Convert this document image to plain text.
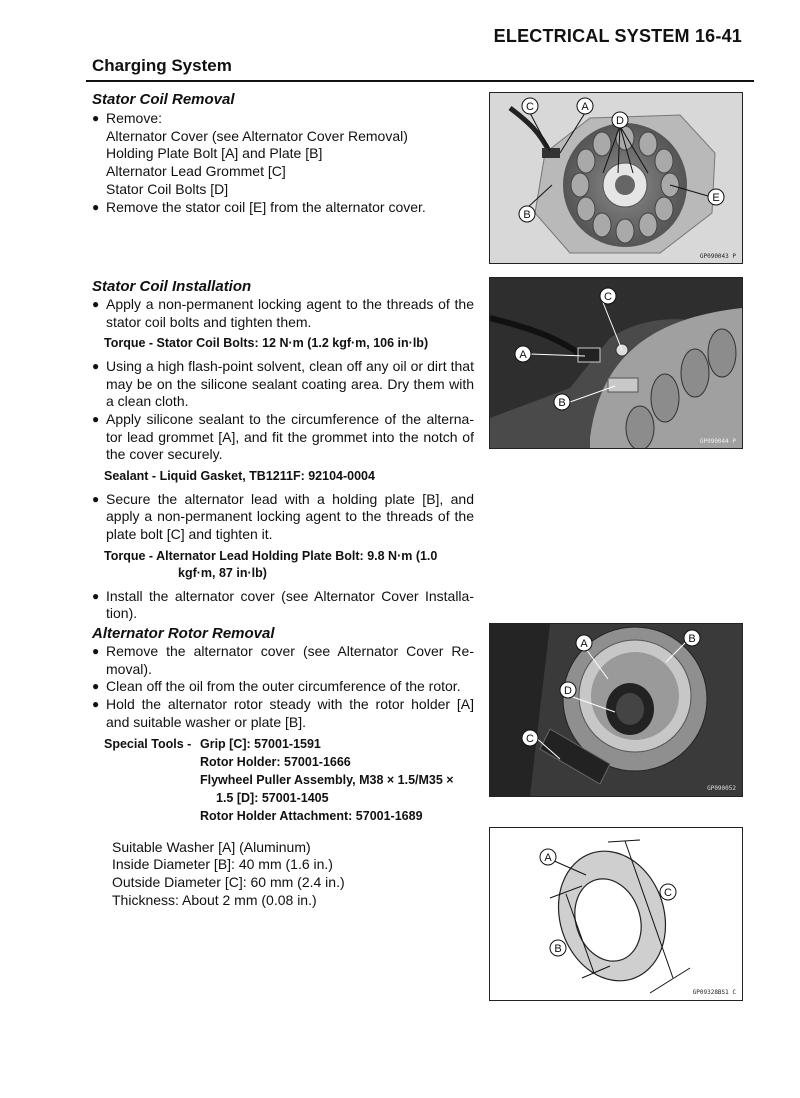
ELECTRICAL SYSTEM 16-41
Charging System
Stator Coil Removal
● Remove:
Alternator Cover (see Alternator Cover Removal)
Holding Plate Bolt [A] and Plate [B]
Alternator Lead Grommet [C]
Stator Coil Bolts [D]
● Remove the stator coil [E] from the alternator cover.
Stator Coil Installation
● Apply a non-permanent locking agent to the threads of the stator coil bolts and tighten them.
Torque - Stator Coil Bolts: 12 N·m (1.2 kgf·m, 106 in·lb)
● Using a high flash-point solvent, clean off any oil or dirt that may be on the silicone sealant coating area. Dry them with a clean cloth.
● Apply silicone sealant to the circumference of the alterna-tor lead grommet [A], and fit the grommet into the notch of the cover securely.
Sealant - Liquid Gasket, TB1211F: 92104-0004
● Secure the alternator lead with a holding plate [B], and apply a non-permanent locking agent to the threads of the plate bolt [C] and tighten it.
Torque - Alternator Lead Holding Plate Bolt: 9.8 N·m (1.0
kgf·m, 87 in·lb)
● Install the alternator cover (see Alternator Cover Installa-tion).
Alternator Rotor Removal
● Remove the alternator cover (see Alternator Cover Re-moval).
● Clean off the oil from the outer circumference of the rotor.
● Hold the alternator rotor steady with the rotor holder [A] and suitable washer or plate [B].
Special Tools - Grip [C]: 57001-1591
Rotor Holder: 57001-1666
Flywheel Puller Assembly, M38 × 1.5/M35 ×
1.5 [D]: 57001-1405
Rotor Holder Attachment: 57001-1689
Suitable Washer [A] (Aluminum)
Inside Diameter [B]: 40 mm (1.6 in.)
Outside Diameter [C]: 60 mm (2.4 in.)
Thickness: About 2 mm (0.08 in.)
C	A
D
E
B
GP090043 P
C
A
B
GP090044 P
A	B
D
C
GP090052
A
C
B
GP09328BS1 C
